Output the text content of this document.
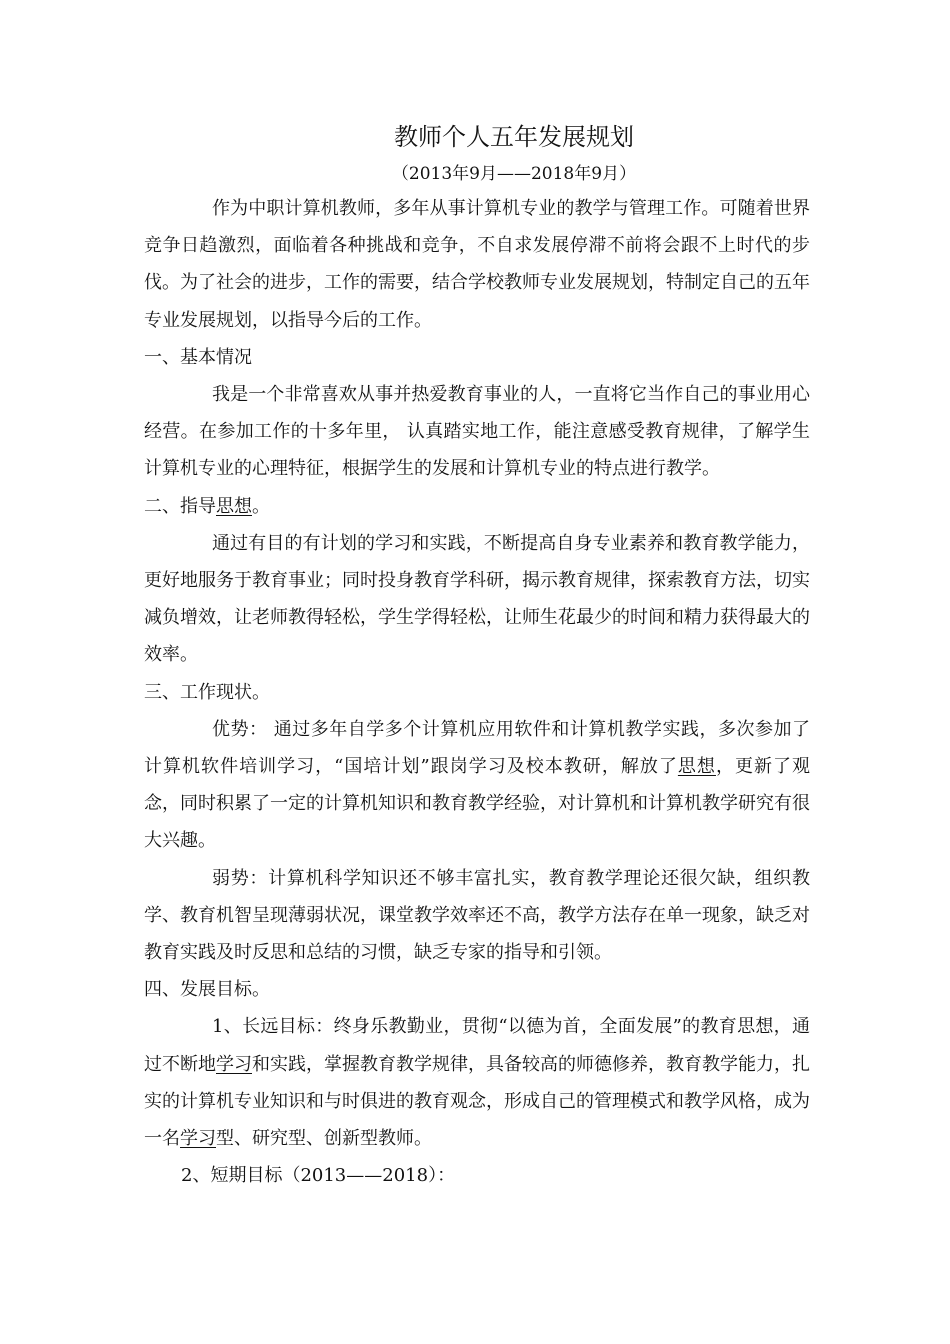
教师个人五年发展规划
（2013年9月——2018年9月）

作为中职计算机教师，多年从事计算机专业的教学与管理工作。可随着世界竞争日趋激烈，面临着各种挑战和竞争，不自求发展停滞不前将会跟不上时代的步伐。为了社会的进步，工作的需要，结合学校教师专业发展规划，特制定自己的五年专业发展规划，以指导今后的工作。

一、基本情况

我是一个非常喜欢从事并热爱教育事业的人，一直将它当作自己的事业用心经营。在参加工作的十多年里， 认真踏实地工作，能注意感受教育规律，了解学生计算机专业的心理特征，根据学生的发展和计算机专业的特点进行教学。

二、指导思想。

通过有目的有计划的学习和实践，不断提高自身专业素养和教育教学能力，更好地服务于教育事业；同时投身教育学科研，揭示教育规律，探索教育方法，切实减负增效，让老师教得轻松，学生学得轻松，让师生花最少的时间和精力获得最大的效率。

三、工作现状。

优势： 通过多年自学多个计算机应用软件和计算机教学实践，多次参加了计算机软件培训学习，“国培计划”跟岗学习及校本教研，解放了思想，更新了观念，同时积累了一定的计算机知识和教育教学经验，对计算机和计算机教学研究有很大兴趣。

弱势：计算机科学知识还不够丰富扎实，教育教学理论还很欠缺，组织教学、教育机智呈现薄弱状况，课堂教学效率还不高，教学方法存在单一现象，缺乏对教育实践及时反思和总结的习惯，缺乏专家的指导和引领。

四、发展目标。

1、长远目标：终身乐教勤业，贯彻“以德为首，全面发展”的教育思想，通过不断地学习和实践，掌握教育教学规律，具备较高的师德修养，教育教学能力，扎实的计算机专业知识和与时俱进的教育观念，形成自己的管理模式和教学风格，成为一名学习型、研究型、创新型教师。

2、短期目标（2013——2018）：
